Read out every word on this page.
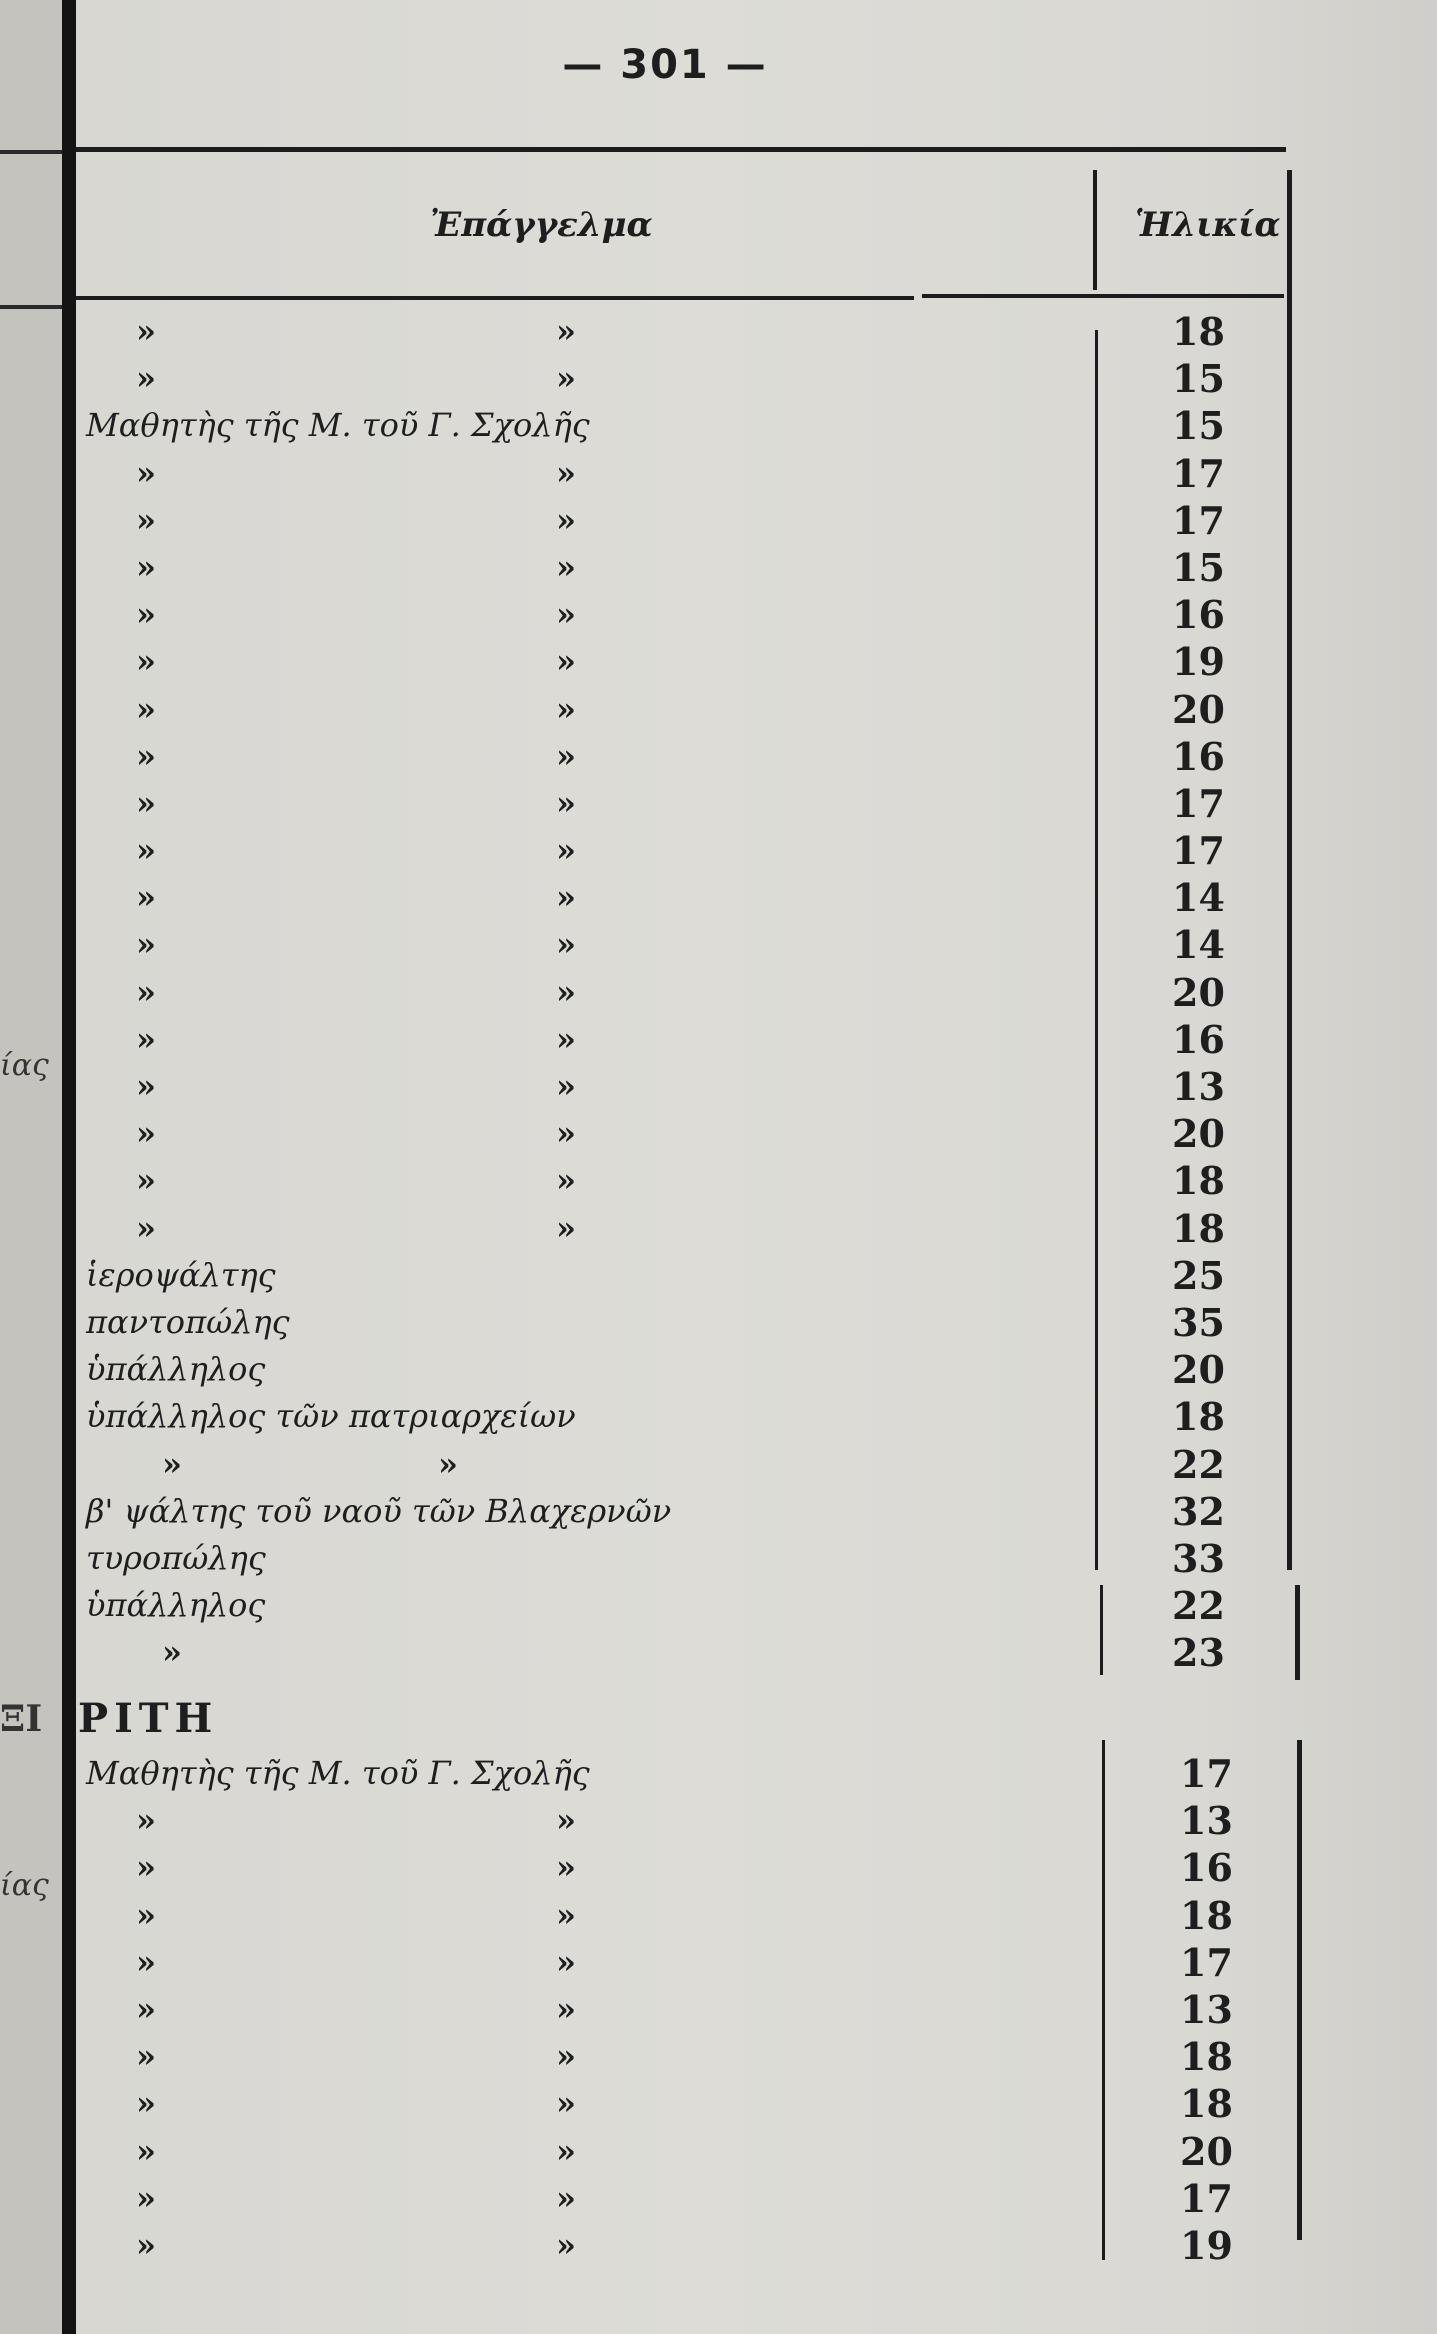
ίας
ΞΙ
ίας
— 301 —
Ἐπάγγελμα	Ἡλικία
»	»	18
»	»	15
Μαθητὴς τῆς Μ. τοῦ Γ. Σχολῆς	15
»	»	17
»	»	17
»	»	15
»	»	16
»	»	19
»	»	20
»	»	16
»	»	17
»	»	17
»	»	14
»	»	14
»	»	20
»	»	16
»	»	13
»	»	20
»	»	18
»	»	18
ἱεροψάλτης	25
παντοπώλης	35
ὑπάλληλος	20
ὑπάλληλος τῶν πατριαρχείων	18
»	»	22
β' ψάλτης τοῦ ναοῦ τῶν Βλαχερνῶν	32
τυροπώλης	33
ὑπάλληλος	22
»	23
ΡΙΤΗ
Μαθητὴς τῆς Μ. τοῦ Γ. Σχολῆς	17
»	»	13
»	»	16
»	»	18
»	»	17
»	»	13
»	»	18
»	»	18
»	»	20
»	»	17
»	»	19
